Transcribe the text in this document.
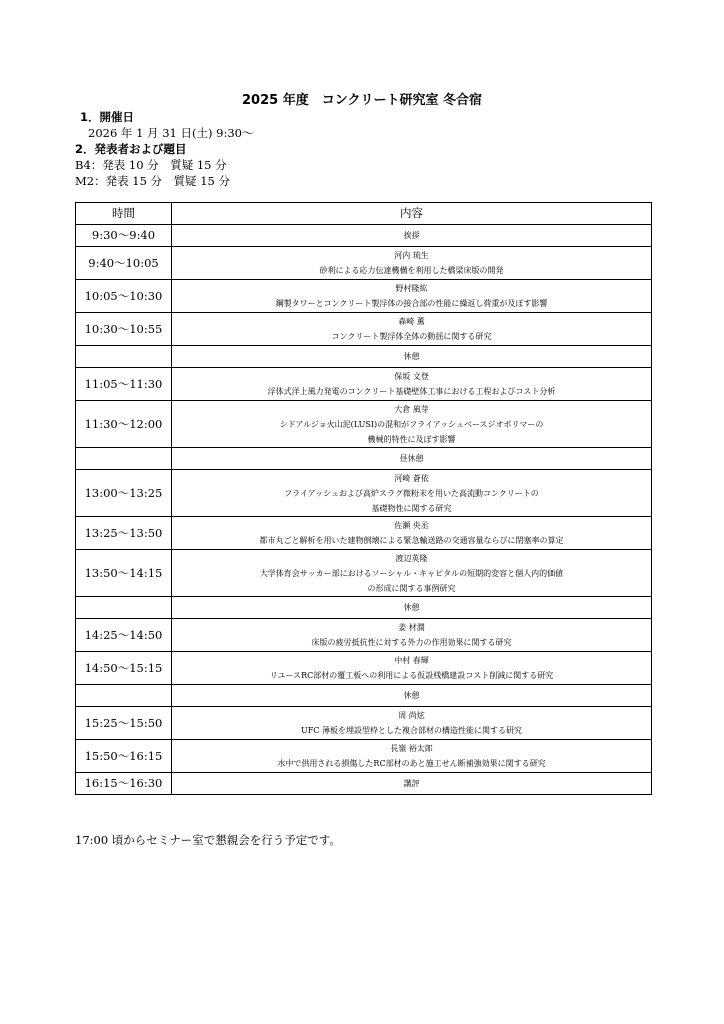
2025 年度　コンクリート研究室 冬合宿
1．開催日
2026 年 1 月 31 日(土) 9:30～
2．発表者および題目
B4：発表 10 分　質疑 15 分
M2：発表 15 分　質疑 15 分
時間	内容
9:30～9:40	挨拶

9:40～10:05	河内 琉生
砂利による応力伝達機構を利用した橋梁床版の開発

10:05～10:30	野村隆紘
鋼製タワーとコンクリート製浮体の接合部の性能に繰返し荷重が及ぼす影響

10:30～10:55	森崎 薫
コンクリート製浮体全体の動揺に関する研究

	休憩

11:05～11:30	保坂 文登
浮体式洋上風力発電のコンクリート基礎壁体工事における工程およびコスト分析

11:30～12:00	大倉 風芽
シドアルジョ火山泥(LUSI)の混和がフライアッシュベースジオポリマーの
機械的特性に及ぼす影響

	昼休憩

13:00～13:25	河崎 蒼依
フライアッシュおよび高炉スラグ微粉末を用いた高流動コンクリートの
基礎物性に関する研究

13:25～13:50	佐瀬 央丞
都市丸ごと解析を用いた建物倒壊による緊急輸送路の交通容量ならびに閉塞率の算定

13:50～14:15	渡辺英隆
大学体育会サッカー部におけるソーシャル・キャピタルの短期的変容と個人内的価値
の形成に関する事例研究

	休憩

14:25～14:50	姜 材潤
床版の疲労抵抗性に対する外力の作用効果に関する研究

14:50～15:15	中村 春輝
リユースRC部材の覆工板への利用による仮設桟橋建設コスト削減に関する研究

	休憩

15:25～15:50	周 尚炫
UFC 薄板を埋設型枠とした複合部材の構造性能に関する研究

15:50～16:15	長嶺 裕太郎
水中で供用される損傷したRC部材のあと施工せん断補強効果に関する研究

16:15～16:30	講評
17:00 頃からセミナー室で懇親会を行う予定です。
